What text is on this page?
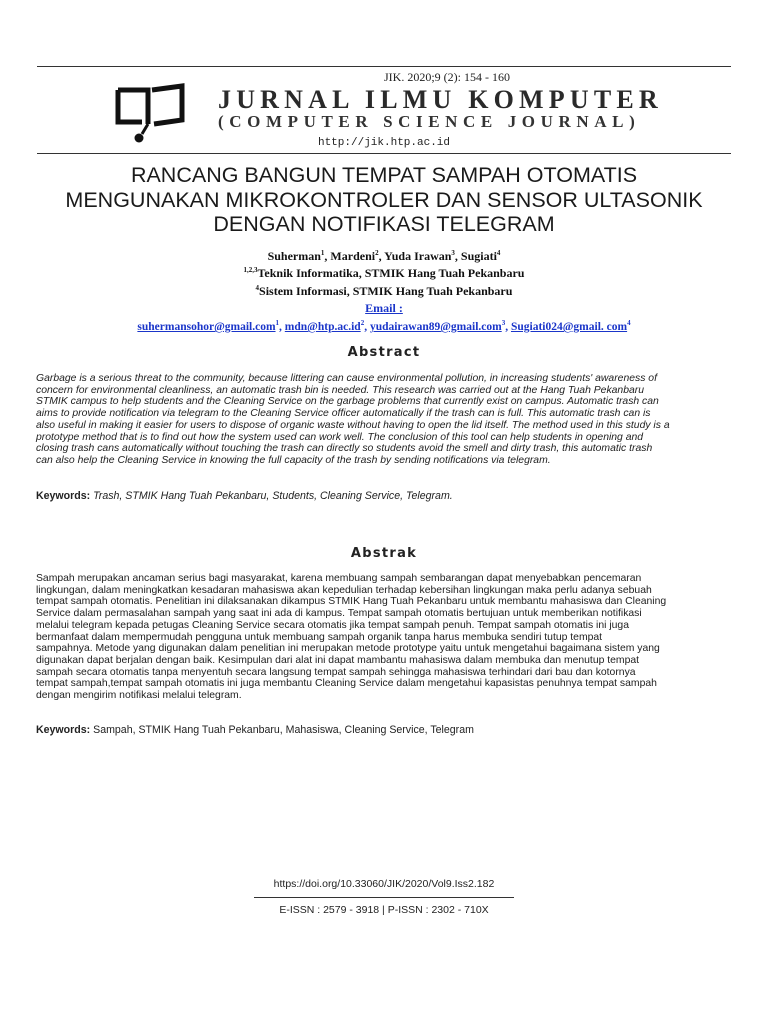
JIK. 2020;9 (2): 154 - 160
JURNAL ILMU KOMPUTER
(COMPUTER SCIENCE JOURNAL)
http://jik.htp.ac.id
RANCANG BANGUN TEMPAT SAMPAH OTOMATIS
MENGUNAKAN MIKROKONTROLER DAN SENSOR ULTASONIK
DENGAN NOTIFIKASI TELEGRAM
Suherman$^1$, Mardeni$^2$, Yuda Irawan$^3$, Sugiati$^4$
$^{1,2,3}$Teknik Informatika, STMIK Hang Tuah Pekanbaru
$^4$Sistem Informasi, STMIK Hang Tuah Pekanbaru
Email :
suhermansohor@gmail.com$^1$, $mdn@htp.ac.id^2$, yudairawan89@gmail.com$^3$, Sugiati024@gmail. com$^4$
Abstract
Garbage is a serious threat to the community, because littering can cause environmental pollution, in increasing students' awareness of
concern for environmental cleanliness, an automatic trash bin is needed. This research was carried out at the Hang Tuah Pekanbaru
STMIK campus to help students and the Cleaning Service on the garbage problems that currently exist on campus. Automatic trash can
aims to provide notification via telegram to the Cleaning Service officer automatically if the trash can is full. This automatic trash can is
also useful in making it easier for users to dispose of organic waste without having to open the lid itself. The method used in this study is a
prototype method that is to find out how the system used can work well. The conclusion of this tool can help students in opening and
closing trash cans automatically without touching the trash can directly so students avoid the smell and dirty trash, this automatic trash
can also help the Cleaning Service in knowing the full capacity of the trash by sending notifications via telegram.
Keywords: Trash, STMIK Hang Tuah Pekanbaru, Students, Cleaning Service, Telegram.
Abstrak
Sampah merupakan ancaman serius bagi masyarakat, karena membuang sampah sembarangan dapat menyebabkan pencemaran
lingkungan, dalam meningkatkan kesadaran mahasiswa akan kepedulian terhadap kebersihan lingkungan maka perlu adanya sebuah
tempat sampah otomatis. Penelitian ini dilaksanakan dikampus STMIK Hang Tuah Pekanbaru untuk membantu mahasiswa dan Cleaning
Service dalam permasalahan sampah yang saat ini ada di kampus. Tempat sampah otomatis bertujuan untuk memberikan notifikasi
melalui telegram kepada petugas Cleaning Service secara otomatis jika tempat sampah penuh. Tempat sampah otomatis ini juga
bermanfaat dalam mempermudah pengguna untuk membuang sampah organik tanpa harus membuka sendiri tutup tempat
sampahnya. Metode yang digunakan dalam penelitian ini merupakan metode prototype yaitu untuk mengetahui bagaimana sistem yang
digunakan dapat berjalan dengan baik. Kesimpulan dari alat ini dapat mambantu mahasiswa dalam membuka dan menutup tempat
sampah secara otomatis tanpa menyentuh secara langsung tempat sampah sehingga mahasiswa terhindari dari bau dan kotornya
tempat sampah,tempat sampah otomatis ini juga membantu Cleaning Service dalam mengetahui kapasistas penuhnya tempat sampah
dengan mengirim notifikasi melalui telegram.
Keywords: Sampah, STMIK Hang Tuah Pekanbaru, Mahasiswa, Cleaning Service, Telegram
https://doi.org/10.33060/JIK/2020/Vol9.Iss2.182
E-ISSN : 2579 - 3918 | P-ISSN : 2302 - 710X
